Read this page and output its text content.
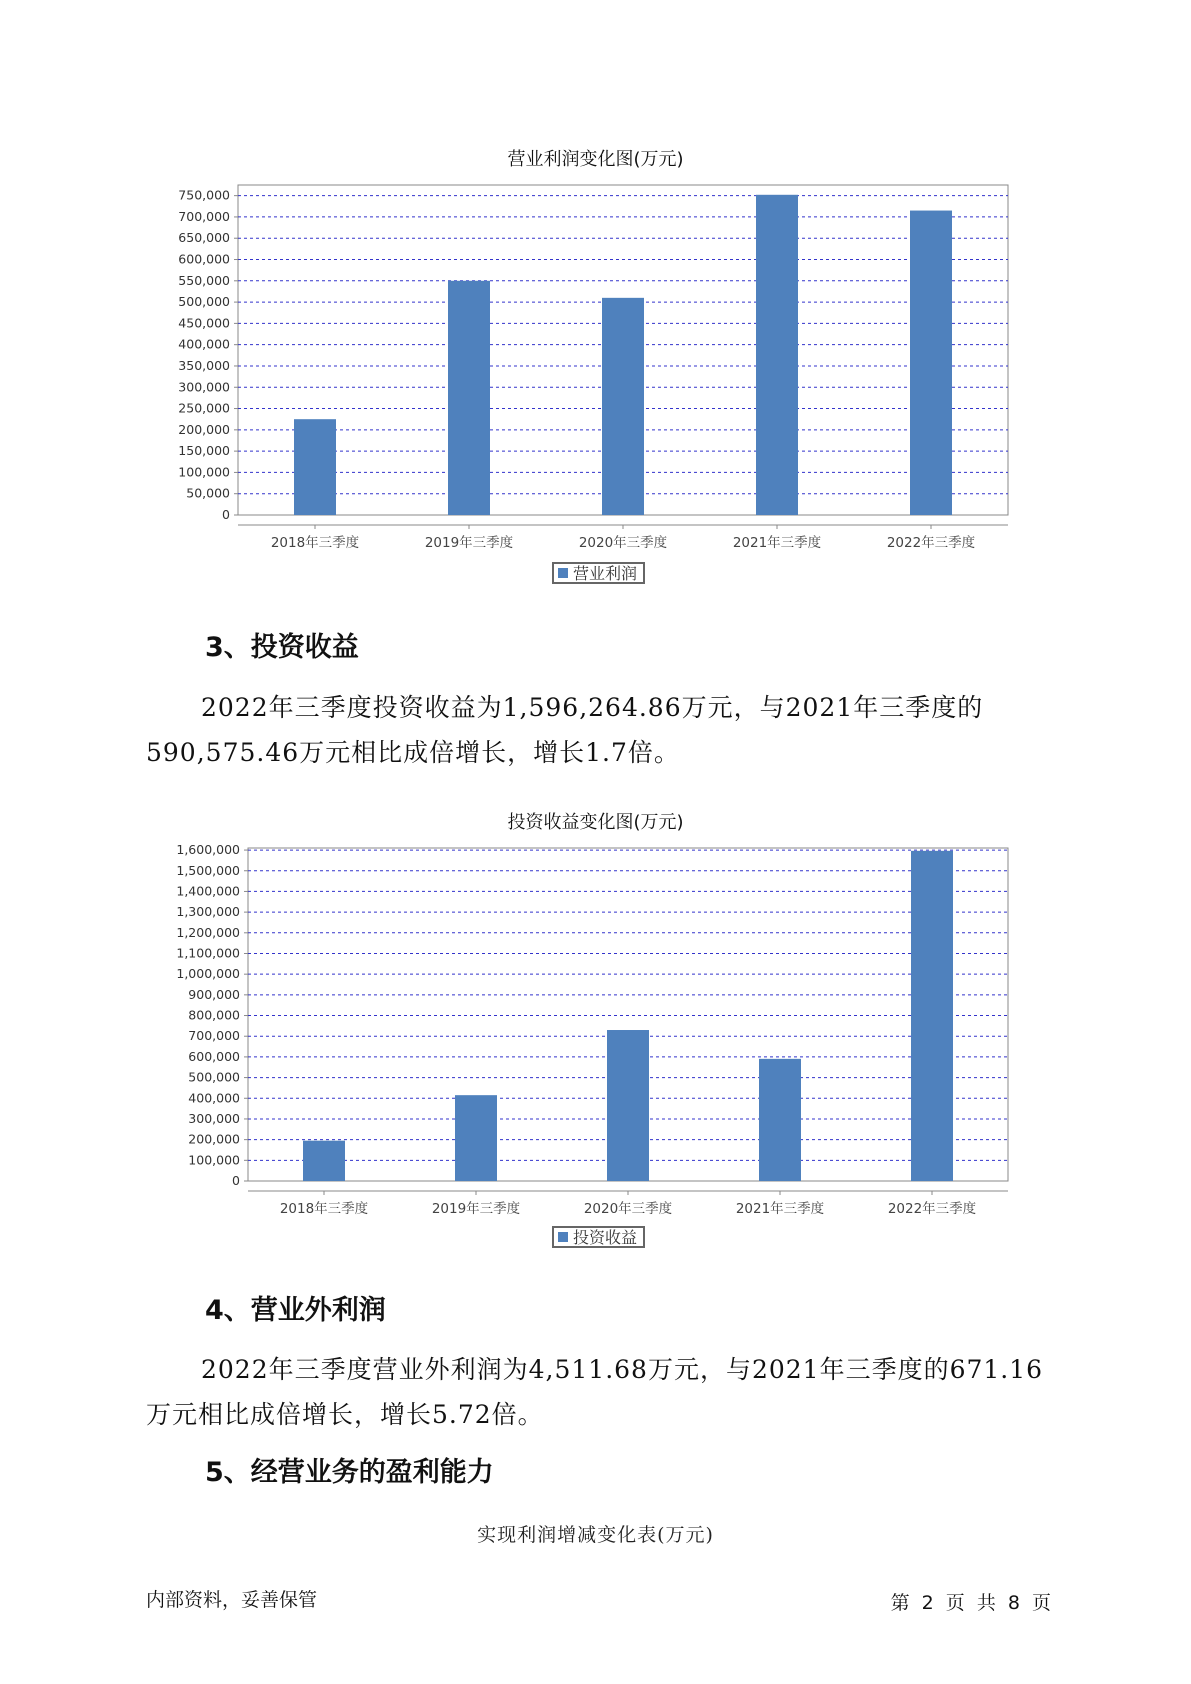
营业利润变化图(万元)
0
50,000
100,000
150,000
200,000
250,000
300,000
350,000
400,000
450,000
500,000
550,000
600,000
650,000
700,000
750,000
2018年三季度	2019年三季度	2020年三季度	2021年三季度	2022年三季度
营业利润
3、投资收益
2022年三季度投资收益为1,596,264.86万元，与2021年三季度的
590,575.46万元相比成倍增长，增长1.7倍。
投资收益变化图(万元)
0
100,000
200,000
300,000
400,000
500,000
600,000
700,000
800,000
900,000
1,000,000
1,100,000
1,200,000
1,300,000
1,400,000
1,500,000
1,600,000
2018年三季度	2019年三季度	2020年三季度	2021年三季度	2022年三季度
投资收益
4、营业外利润
2022年三季度营业外利润为4,511.68万元，与2021年三季度的671.16
万元相比成倍增长，增长5.72倍。
5、经营业务的盈利能力
实现利润增减变化表(万元)
内部资料，妥善保管	第 2 页 共 8 页
